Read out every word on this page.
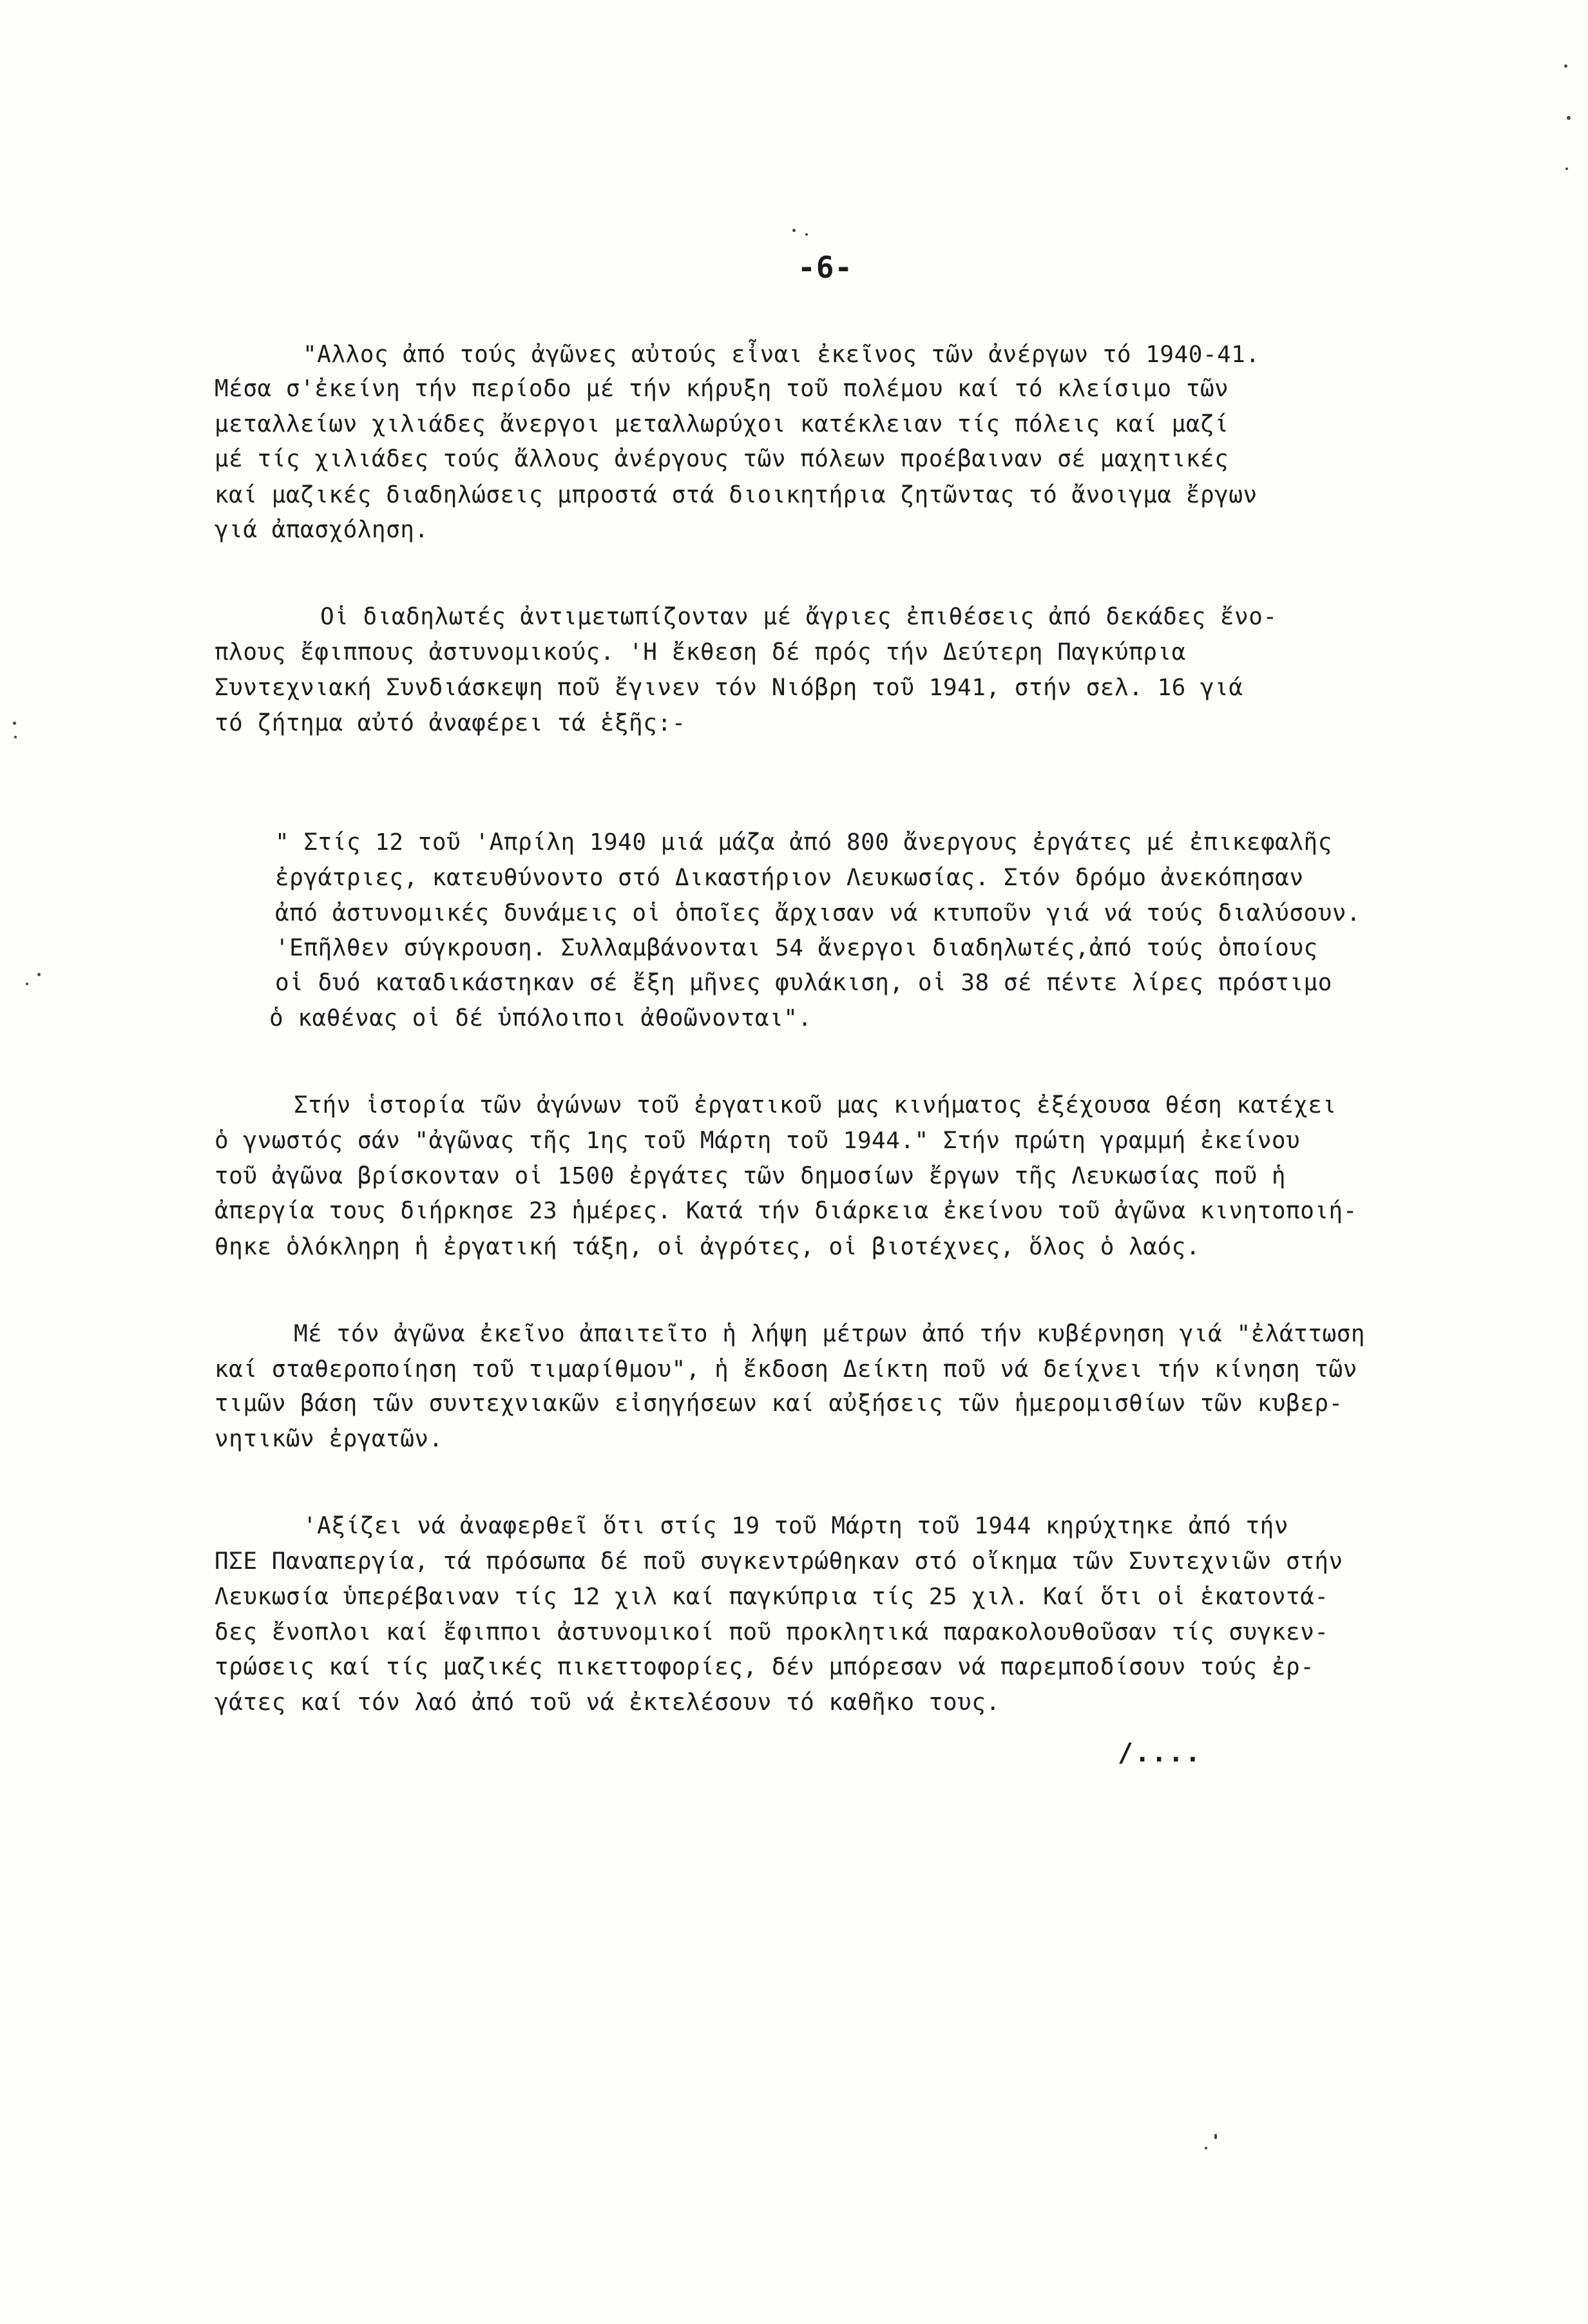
-6-
"Αλλος ἀπό τούς ἀγῶνες αὐτούς εἶναι ἐκεῖνος τῶν ἀνέργων τό 1940-41.
Μέσα σ'ἐκείνη τήν περίοδο μέ τήν κήρυξη τοῦ πολέμου καί τό κλείσιμο τῶν
μεταλλείων χιλιάδες ἄνεργοι μεταλλωρύχοι κατέκλειαν τίς πόλεις καί μαζί
μέ τίς χιλιάδες τούς ἄλλους ἀνέργους τῶν πόλεων προέβαιναν σέ μαχητικές
καί μαζικές διαδηλώσεις μπροστά στά διοικητήρια ζητῶντας τό ἄνοιγμα ἔργων
γιά ἀπασχόληση.
Οἱ διαδηλωτές ἀντιμετωπίζονταν μέ ἄγριες ἐπιθέσεις ἀπό δεκάδες ἔνο-
πλους ἔφιππους ἀστυνομικούς. 'Η ἔκθεση δέ πρός τήν Δεύτερη Παγκύπρια
Συντεχνιακή Συνδιάσκεψη ποῦ ἔγινεν τόν Νιόβρη τοῦ 1941, στήν σελ. 16 γιά
τό ζήτημα αὐτό ἀναφέρει τά ἑξῆς:-
" Στίς 12 τοῦ 'Απρίλη 1940 μιά μάζα ἀπό 800 ἄνεργους ἐργάτες μέ ἐπικεφαλῆς
ἐργάτριες, κατευθύνοντο στό Δικαστήριον Λευκωσίας. Στόν δρόμο ἀνεκόπησαν
ἀπό ἀστυνομικές δυνάμεις οἱ ὁποῖες ἄρχισαν νά κτυποῦν γιά νά τούς διαλύσουν.
'Επῆλθεν σύγκρουση. Συλλαμβάνονται 54 ἄνεργοι διαδηλωτές,ἀπό τούς ὁποίους
οἱ δυό καταδικάστηκαν σέ ἔξη μῆνες φυλάκιση, οἱ 38 σέ πέντε λίρες πρόστιμο
ὁ καθένας οἱ δέ ὑπόλοιποι ἀθοῶνονται".
Στήν ἱστορία τῶν ἀγώνων τοῦ ἐργατικοῦ μας κινήματος ἐξέχουσα θέση κατέχει
ὁ γνωστός σάν "ἀγῶνας τῆς 1ης τοῦ Μάρτη τοῦ 1944." Στήν πρώτη γραμμή ἐκείνου
τοῦ ἀγῶνα βρίσκονταν οἱ 1500 ἐργάτες τῶν δημοσίων ἔργων τῆς Λευκωσίας ποῦ ἡ
ἀπεργία τους διήρκησε 23 ἡμέρες. Κατά τήν διάρκεια ἐκείνου τοῦ ἀγῶνα κινητοποιή-
θηκε ὁλόκληρη ἡ ἐργατική τάξη, οἱ ἀγρότες, οἱ βιοτέχνες, ὅλος ὁ λαός.
Μέ τόν ἀγῶνα ἐκεῖνο ἀπαιτεῖτο ἡ λήψη μέτρων ἀπό τήν κυβέρνηση γιά "ἐλάττωση
καί σταθεροποίηση τοῦ τιμαρίθμου", ἡ ἔκδοση Δείκτη ποῦ νά δείχνει τήν κίνηση τῶν
τιμῶν βάση τῶν συντεχνιακῶν εἰσηγήσεων καί αὐξήσεις τῶν ἡμερομισθίων τῶν κυβερ-
νητικῶν ἐργατῶν.
'Αξίζει νά ἀναφερθεῖ ὅτι στίς 19 τοῦ Μάρτη τοῦ 1944 κηρύχτηκε ἀπό τήν
ΠΣΕ Παναπεργία, τά πρόσωπα δέ ποῦ συγκεντρώθηκαν στό οἴκημα τῶν Συντεχνιῶν στήν
Λευκωσία ὑπερέβαιναν τίς 12 χιλ καί παγκύπρια τίς 25 χιλ. Καί ὅτι οἱ ἑκατοντά-
δες ἔνοπλοι καί ἔφιπποι ἀστυνομικοί ποῦ προκλητικά παρακολουθοῦσαν τίς συγκεν-
τρώσεις καί τίς μαζικές πικεττοφορίες, δέν μπόρεσαν νά παρεμποδίσουν τούς ἐρ-
γάτες καί τόν λαό ἀπό τοῦ νά ἐκτελέσουν τό καθῆκο τους.
/....
